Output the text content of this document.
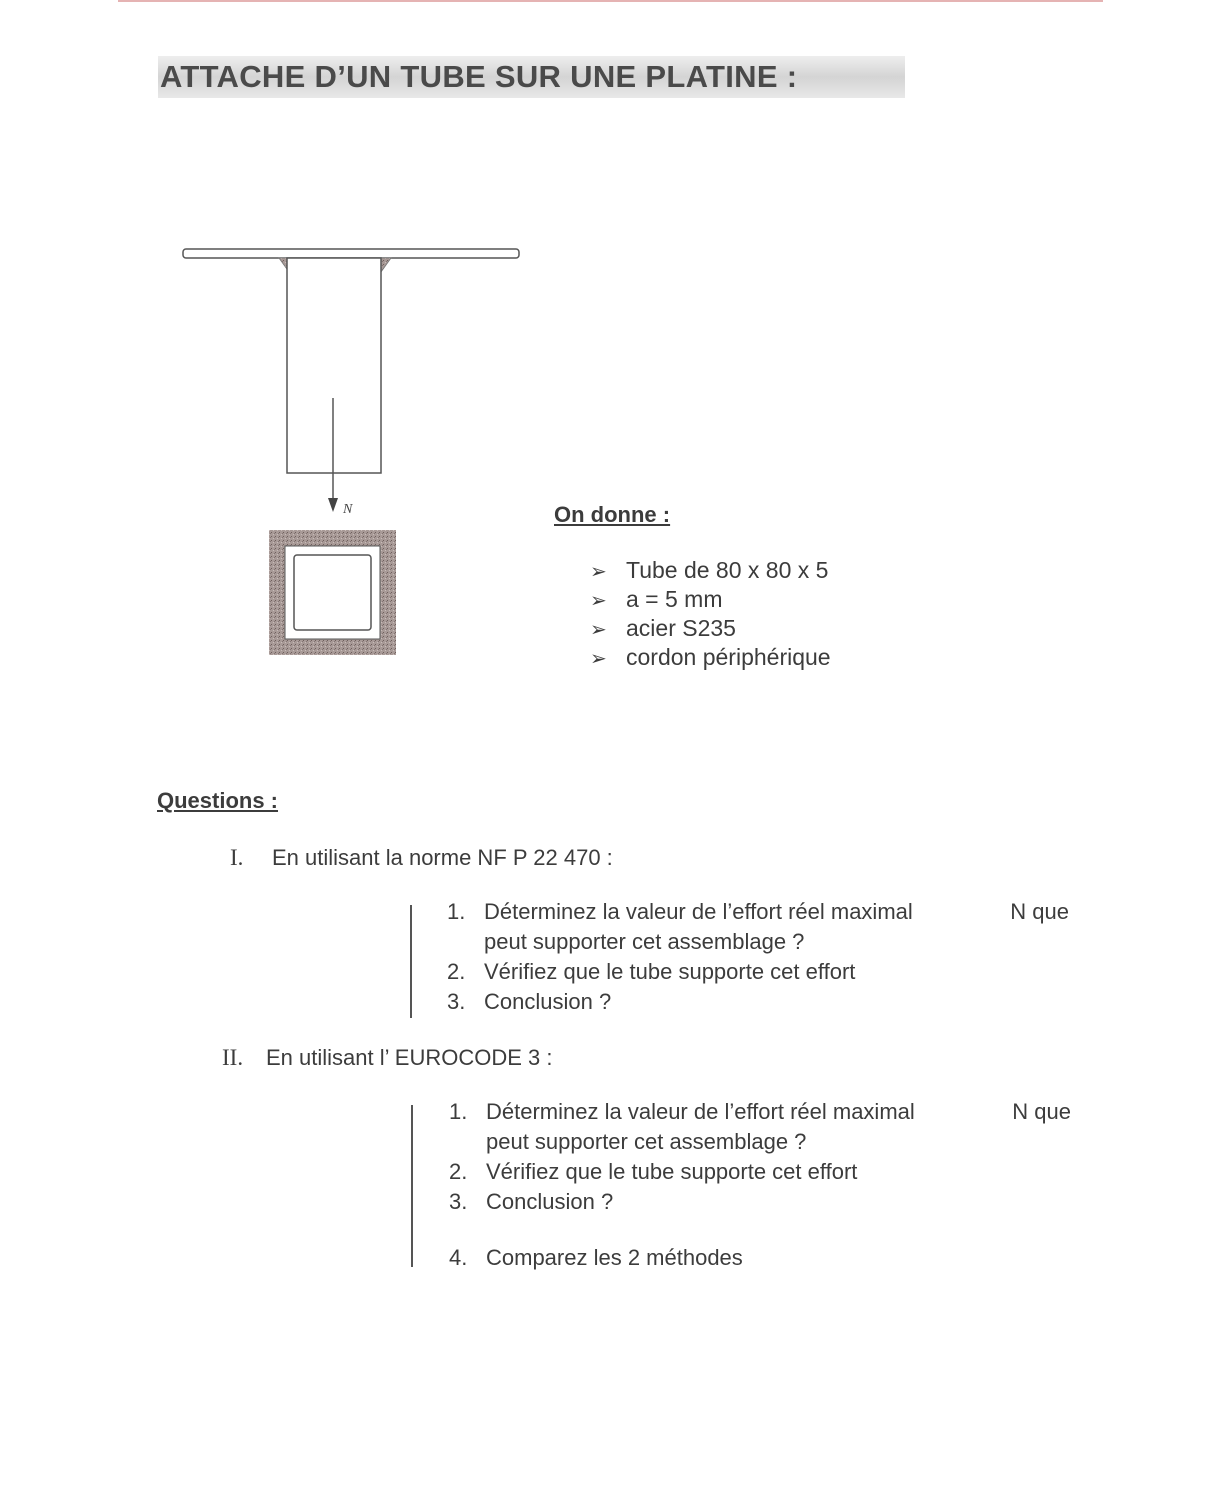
ATTACHE D’UN TUBE SUR UNE PLATINE :
N	On donne :
➢ Tube de 80 x 80 x 5
➢ a = 5 mm
➢ acier S235
➢ cordon périphérique
Questions :
I. En utilisant la norme NF P 22 470 :
1. Déterminez la valeur de l’effort réel maximal	N que
peut supporter cet assemblage ?
2. Vérifiez que le tube supporte cet effort
3. Conclusion ?
II. En utilisant l’ EUROCODE 3 :
1. Déterminez la valeur de l’effort réel maximal	N que
peut supporter cet assemblage ?
2. Vérifiez que le tube supporte cet effort
3. Conclusion ?
4. Comparez les 2 méthodes
